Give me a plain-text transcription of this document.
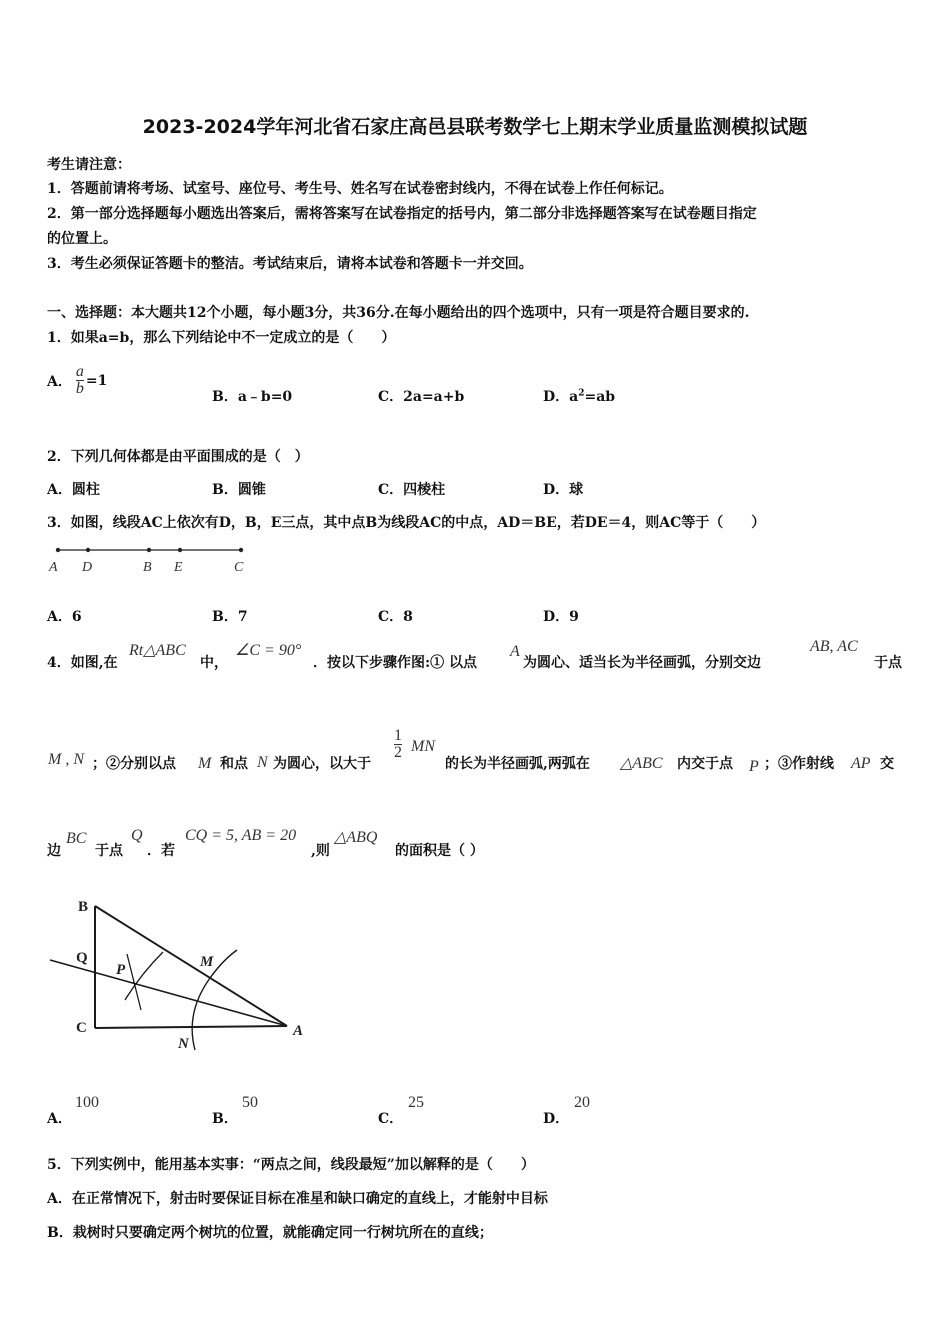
2023-2024学年河北省石家庄高邑县联考数学七上期末学业质量监测模拟试题
考生请注意：
1．答题前请将考场、试室号、座位号、考生号、姓名写在试卷密封线内，不得在试卷上作任何标记。
2．第一部分选择题每小题选出答案后，需将答案写在试卷指定的括号内，第二部分非选择题答案写在试卷题目指定
的位置上。
3．考生必须保证答题卡的整洁。考试结束后，请将本试卷和答题卡一并交回。
一、选择题：本大题共12个小题，每小题3分，共36分.在每小题给出的四个选项中，只有一项是符合题目要求的.
1．如果a=b，那么下列结论中不一定成立的是（　　）
A． $\frac{a}{b} =1$
B．a﹣b=0	C．2a=a+b	D．$a^2=ab$
2．下列几何体都是由平面围成的是（　）
A．圆柱	B．圆锥	C．四棱柱	D．球
3．如图，线段AC上依次有D，B，E三点，其中点B为线段AC的中点，AD＝BE，若DE＝4，则AC等于（　　）
A D	B E	C
A．6	B．7	C．8	D．9
4．如图,在
Rt△ABC
中，
∠C = 90°
．按以下步骤作图:① 以点
A
为圆心、适当长为半径画弧，分别交边
AB, AC
于点
M , N ；②分别以点 M 和点 N 为圆心，以大于
$\frac{1}{2}$ MN
的长为半径画弧,两弧在 △ABC 内交于点 P ；③作射线 AP 交
边
BC
于点
Q
．若
CQ = 5, AB = 20
,则
△ABQ
的面积是（ ）
B
Q
C
P	M
N
A
A．
100
B．
50
C．
25
D．
20
5．下列实例中，能用基本实事：“两点之间，线段最短”加以解释的是（　　）
A．在正常情况下，射击时要保证目标在准星和缺口确定的直线上，才能射中目标
B．栽树时只要确定两个树坑的位置，就能确定同一行树坑所在的直线；
